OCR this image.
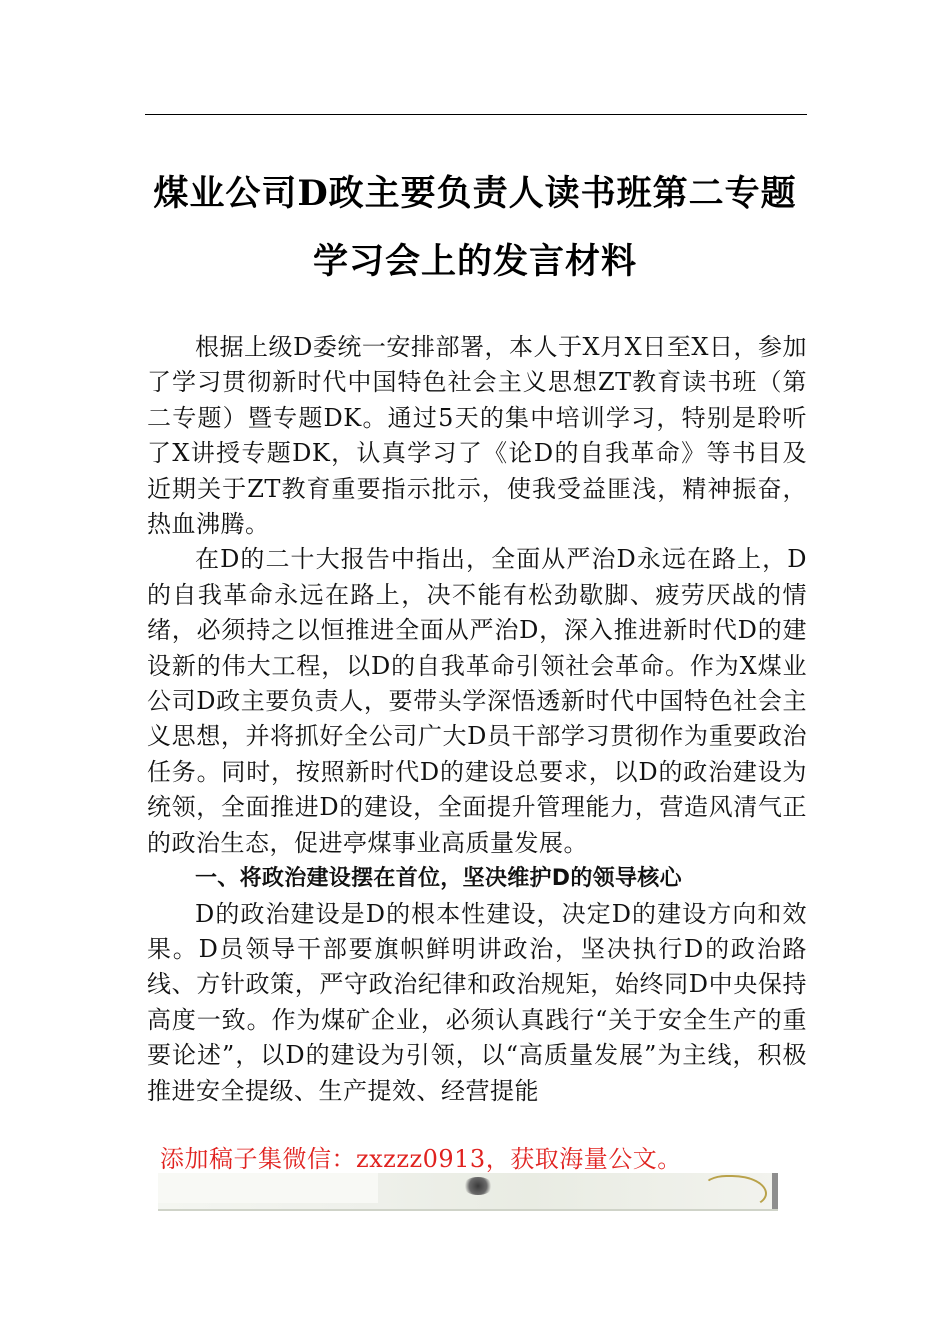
煤业公司D政主要负责人读书班第二专题
学习会上的发言材料

根据上级D委统一安排部署，本人于X月X日至X日，参加了学习贯彻新时代中国特色社会主义思想ZT教育读书班（第二专题）暨专题DK。通过5天的集中培训学习，特别是聆听了X讲授专题DK，认真学习了《论D的自我革命》等书目及近期关于ZT教育重要指示批示，使我受益匪浅，精神振奋，热血沸腾。

在D的二十大报告中指出，全面从严治D永远在路上，D的自我革命永远在路上，决不能有松劲歇脚、疲劳厌战的情绪，必须持之以恒推进全面从严治D，深入推进新时代D的建设新的伟大工程，以D的自我革命引领社会革命。作为X煤业公司D政主要负责人，要带头学深悟透新时代中国特色社会主义思想，并将抓好全公司广大D员干部学习贯彻作为重要政治任务。同时，按照新时代D的建设总要求，以D的政治建设为统领，全面推进D的建设，全面提升管理能力，营造风清气正的政治生态，促进亭煤事业高质量发展。

一、将政治建设摆在首位，坚决维护D的领导核心

D的政治建设是D的根本性建设，决定D的建设方向和效果。D员领导干部要旗帜鲜明讲政治，坚决执行D的政治路线、方针政策，严守政治纪律和政治规矩，始终同D中央保持高度一致。作为煤矿企业，必须认真践行“关于安全生产的重要论述”，以D的建设为引领，以“高质量发展”为主线，积极推进安全提级、生产提效、经营提能

添加稿子集微信：zxzzz0913，获取海量公文。
